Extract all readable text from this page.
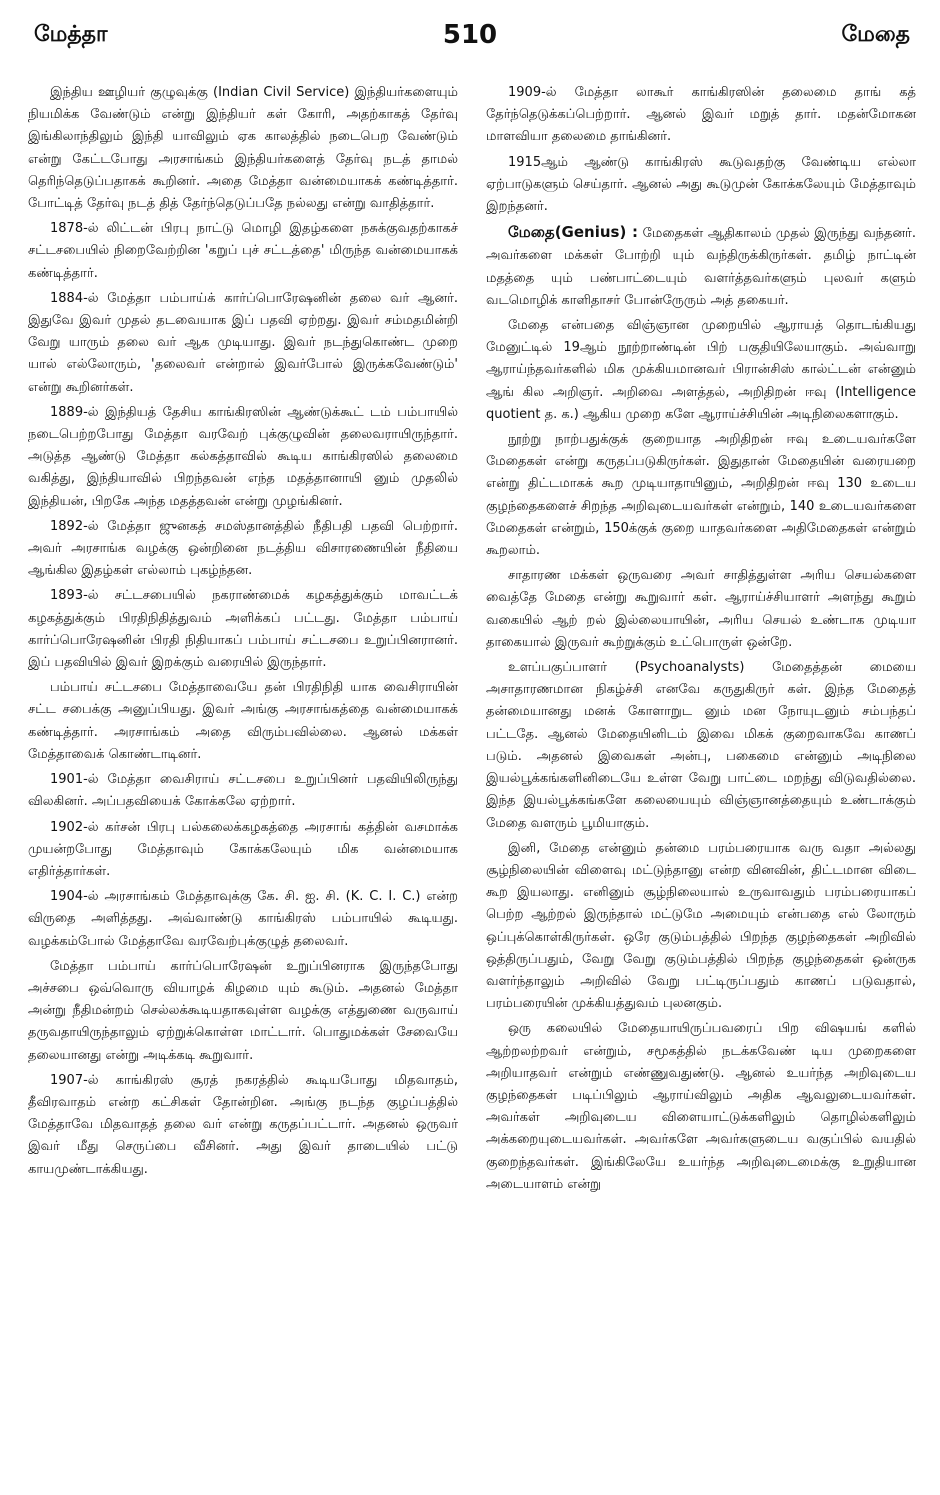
மேத்தா	510	மேதை

இந்திய ஊழியர் குழுவுக்கு (Indian Civil Service) இந்தியர்களையும் நியமிக்க வேண்டும் என்று இந்தியர் கள் கோரி, அதற்காகத் தேர்வு இங்கிலாந்திலும் இந்தி யாவிலும் ஏக காலத்தில் நடைபெற வேண்டும் என்று கேட்டபோது அரசாங்கம் இந்தியர்களைத் தேர்வு நடத் தாமல் தெரிந்தெடுப்பதாகக் கூறினர். அதை மேத்தா வன்மையாகக் கண்டித்தார். போட்டித் தேர்வு நடத் தித் தேர்ந்தெடுப்பதே நல்லது என்று வாதித்தார்.

1878-ல் லிட்டன் பிரபு நாட்டு மொழி இதழ்களை நசுக்குவதற்காகச் சட்டசபையில் நிறைவேற்றின 'கறுப் புச் சட்டத்தை' மிருந்த வன்மையாகக் கண்டித்தார்.

1884-ல் மேத்தா பம்பாய்க் கார்ப்பொரேஷனின் தலை வர் ஆனர். இதுவே இவர் முதல் தடவையாக இப் பதவி ஏற்றது. இவர் சம்மதமின்றி வேறு யாரும் தலை வர் ஆக முடியாது. இவர் நடந்துகொண்ட முறை யால் எல்லோரும், 'தலைவர் என்றால் இவர்போல் இருக்கவேண்டும்' என்று கூறினர்கள்.

1889-ல் இந்தியத் தேசிய காங்கிரஸின் ஆண்டுக்கூட் டம் பம்பாயில் நடைபெற்றபோது மேத்தா வரவேற் புக்குழுவின் தலைவராயிருந்தார். அடுத்த ஆண்டு மேத்தா கல்கத்தாவில் கூடிய காங்கிரஸில் தலைமை வகித்து, இந்தியாவில் பிறந்தவன் எந்த மதத்தானாயி னும் முதலில் இந்தியன், பிறகே அந்த மதத்தவன் என்று முழங்கினர்.

1892-ல் மேத்தா ஜுனகத் சமஸ்தானத்தில் நீதிபதி பதவி பெற்றார். அவர் அரசாங்க வழக்கு ஒன்றினை நடத்திய விசாரணையின் நீதியை ஆங்கில இதழ்கள் எல்லாம் புகழ்ந்தன.

1893-ல் சட்டசபையில் நகராண்மைக் கழகத்துக்கும் மாவட்டக் கழகத்துக்கும் பிரதிநிதித்துவம் அளிக்கப் பட்டது. மேத்தா பம்பாய் கார்ப்பொரேஷனின் பிரதி நிதியாகப் பம்பாய் சட்டசபை உறுப்பினரானர். இப் பதவியில் இவர் இறக்கும் வரையில் இருந்தார்.

பம்பாய் சட்டசபை மேத்தாவையே தன் பிரதிநிதி யாக வைசிராயின் சட்ட சபைக்கு அனுப்பியது. இவர் அங்கு அரசாங்கத்தை வன்மையாகக் கண்டித்தார். அரசாங்கம் அதை விரும்பவில்லை. ஆனல் மக்கள் மேத்தாவைக் கொண்டாடினர்.

1901-ல் மேத்தா வைசிராய் சட்டசபை உறுப்பினர் பதவியிலிருந்து விலகினர். அப்பதவியைக் கோக்கலே ஏற்றார்.

1902-ல் கர்சன் பிரபு பல்கலைக்கழகத்தை அரசாங் கத்தின் வசமாக்க முயன்றபோது மேத்தாவும் கோக்கலேயும் மிக வன்மையாக எதிர்த்தார்கள்.

1904-ல் அரசாங்கம் மேத்தாவுக்கு கே. சி. ஐ. சி. (K. C. I. C.) என்ற விருதை அளித்தது. அவ்வாண்டு காங்கிரஸ் பம்பாயில் கூடியது. வழக்கம்போல் மேத்தாவே வரவேற்புக்குழுத் தலைவர்.

மேத்தா பம்பாய் கார்ப்பொரேஷன் உறுப்பினராக இருந்தபோது அச்சபை ஒவ்வொரு வியாழக் கிழமை யும் கூடும். அதனல் மேத்தா அன்று நீதிமன்றம் செல்லக்கூடியதாகவுள்ள வழக்கு எத்துணை வருவாய் தருவதாயிருந்தாலும் ஏற்றுக்கொள்ள மாட்டார். பொதுமக்கள் சேவையே தலையானது என்று அடிக்கடி கூறுவார்.

1907-ல் காங்கிரஸ் சூரத் நகரத்தில் கூடியபோது மிதவாதம், தீவிரவாதம் என்ற கட்சிகள் தோன்றின. அங்கு நடந்த குழப்பத்தில் மேத்தாவே மிதவாதத் தலை வர் என்று கருதப்பட்டார். அதனல் ஒருவர் இவர் மீது செருப்பை வீசினர். அது இவர் தாடையில் பட்டு காயமுண்டாக்கியது.

1909-ல் மேத்தா லாகூர் காங்கிரஸின் தலைமை தாங் கத் தேர்ந்தெடுக்கப்பெற்றார். ஆனல் இவர் மறுத் தார். மதன்மோகன மாளவியா தலைமை தாங்கினர்.

1915ஆம் ஆண்டு காங்கிரஸ் கூடுவதற்கு வேண்டிய எல்லா ஏற்பாடுகளும் செய்தார். ஆனல் அது கூடுமுன் கோக்கலேயும் மேத்தாவும் இறந்தனர்.

மேதை(Genius) : மேதைகள் ஆதிகாலம் முதல் இருந்து வந்தனர். அவர்களை மக்கள் போற்றி யும் வந்திருக்கிருர்கள். தமிழ் நாட்டின் மதத்தை யும் பண்பாட்டையும் வளர்த்தவர்களும் புலவர் களும் வடமொழிக் காளிதாசர் போன்ருேரும் அத் தகையர்.

மேதை என்பதை விஞ்ஞான முறையில் ஆராயத் தொடங்கியது மேனுட்டில் 19ஆம் நூற்றாண்டின் பிற் பகுதியிலேயாகும். அவ்வாறு ஆராய்ந்தவர்களில் மிக முக்கியமானவர் பிரான்சிஸ் கால்ட்டன் என்னும் ஆங் கில அறிஞர். அறிவை அளத்தல், அறிதிறன் ஈவு (Intelligence quotient த. க.) ஆகிய முறை களே ஆராய்ச்சியின் அடிநிலைகளாகும்.

நூற்று நாற்பதுக்குக் குறையாத அறிதிறன் ஈவு உடையவர்களே மேதைகள் என்று கருதப்படுகிருர்கள். இதுதான் மேதையின் வரையறை என்று திட்டமாகக் கூற முடியாதாயினும், அறிதிறன் ஈவு 130 உடைய குழந்தைகளைச் சிறந்த அறிவுடையவர்கள் என்றும், 140 உடையவர்களை மேதைகள் என்றும், 150க்குக் குறை யாதவர்களை அதிமேதைகள் என்றும் கூறலாம்.

சாதாரண மக்கள் ஒருவரை அவர் சாதித்துள்ள அரிய செயல்களை வைத்தே மேதை என்று கூறுவார் கள். ஆராய்ச்சியாளர் அளந்து கூறும் வகையில் ஆற் றல் இல்லையாயின், அரிய செயல் உண்டாக முடியா தாகையால் இருவர் கூற்றுக்கும் உட்பொருள் ஒன்றே.

உளப்பகுப்பாளர் (Psychoanalysts) மேதைத்தன் மையை அசாதாரணமான நிகழ்ச்சி எனவே கருதுகிருர் கள். இந்த மேதைத் தன்மையானது மனக் கோளாறுட னும் மன நோயுடனும் சம்பந்தப் பட்டதே. ஆனல் மேதையினிடம் இவை மிகக் குறைவாகவே காணப் படும். அதனல் இவைகள் அன்பு, பகைமை என்னும் அடிநிலை இயல்பூக்கங்களினிடையே உள்ள வேறு பாட்டை மறந்து விடுவதில்லை. இந்த இயல்பூக்கங்களே கலையையும் விஞ்ஞானத்தையும் உண்டாக்கும் மேதை வளரும் பூமியாகும்.

இனி, மேதை என்னும் தன்மை பரம்பரையாக வரு வதா அல்லது சூழ்நிலையின் விளைவு மட்டுந்தானு என்ற வினவின், திட்டமான விடை கூற இயலாது. எனினும் சூழ்நிலையால் உருவாவதும் பரம்பரையாகப் பெற்ற ஆற்றல் இருந்தால் மட்டுமே அமையும் என்பதை எல் லோரும் ஒப்புக்கொள்கிருர்கள். ஒரே குடும்பத்தில் பிறந்த குழந்தைகள் அறிவில் ஒத்திருப்பதும், வேறு வேறு குடும்பத்தில் பிறந்த குழந்தைகள் ஒன்ருக வளர்ந்தாலும் அறிவில் வேறு பட்டிருப்பதும் காணப் படுவதால், பரம்பரையின் முக்கியத்துவம் புலனகும்.

ஒரு கலையில் மேதையாயிருப்பவரைப் பிற விஷயங் களில் ஆற்றலற்றவர் என்றும், சமூகத்தில் நடக்கவேண் டிய முறைகளை அறியாதவர் என்றும் எண்ணுவதுண்டு. ஆனல் உயர்ந்த அறிவுடைய குழந்தைகள் படிப்பிலும் ஆராய்விலும் அதிக ஆவலுடையவர்கள். அவர்கள் அறிவுடைய விளையாட்டுக்களிலும் தொழில்களிலும் அக்கறையுடையவர்கள். அவர்களே அவர்களுடைய வகுப்பில் வயதில் குறைந்தவர்கள். இங்கிலேயே உயர்ந்த அறிவுடைமைக்கு உறுதியான அடையாளம் என்று
